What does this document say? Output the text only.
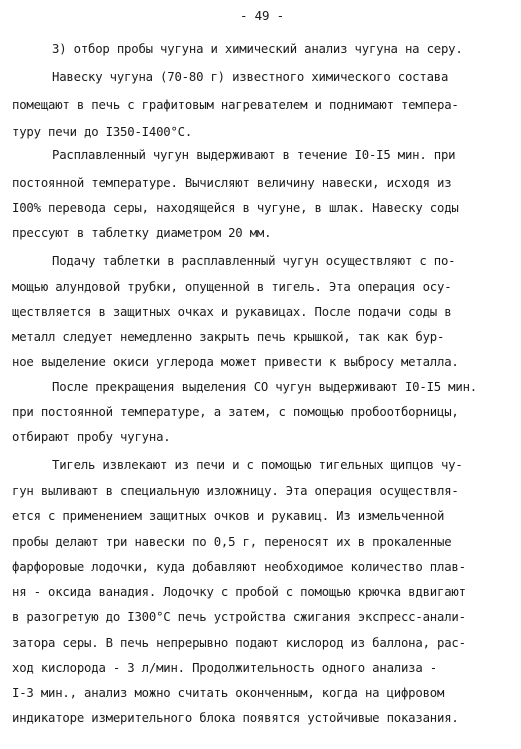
- 49 -
3) отбор пробы чугуна и химический анализ чугуна на серу.
Навеску чугуна (70-80 г) известного химического состава
помещают в печь с графитовым нагревателем и поднимают темпера-
туру печи до I350-I400°С.
Расплавленный чугун выдерживают в течение I0-I5 мин. при
постоянной температуре. Вычисляют величину навески, исходя из
I00% перевода серы, находящейся в чугуне, в шлак. Навеску соды
прессуют в таблетку диаметром 20 мм.
Подачу таблетки в расплавленный чугун осуществляют с по-
мощью алундовой трубки, опущенной в тигель. Эта операция осу-
ществляется в защитных очках и рукавицах. После подачи соды в
металл следует немедленно закрыть печь крышкой, так как бур-
ное выделение окиси углерода может привести к выбросу металла.
После прекращения выделения СО чугун выдерживают I0-I5 мин.
при постоянной температуре, а затем, с помощью пробоотборницы,
отбирают пробу чугуна.
Тигель извлекают из печи и с помощью тигельных щипцов чу-
гун выливают в специальную изложницу. Эта операция осуществля-
ется с применением защитных очков и рукавиц. Из измельченной
пробы делают три навески по 0,5 г, переносят их в прокаленные
фарфоровые лодочки, куда добавляют необходимое количество плав-
ня - оксида ванадия. Лодочку с пробой с помощью крючка вдвигают
в разогретую до I300°С печь устройства сжигания экспресс-анали-
затора серы. В печь непрерывно подают кислород из баллона, рас-
ход кислорода - 3 л/мин. Продолжительность одного анализа -
I-3 мин., анализ можно считать оконченным, когда на цифровом
индикаторе измерительного блока появятся устойчивые показания.
